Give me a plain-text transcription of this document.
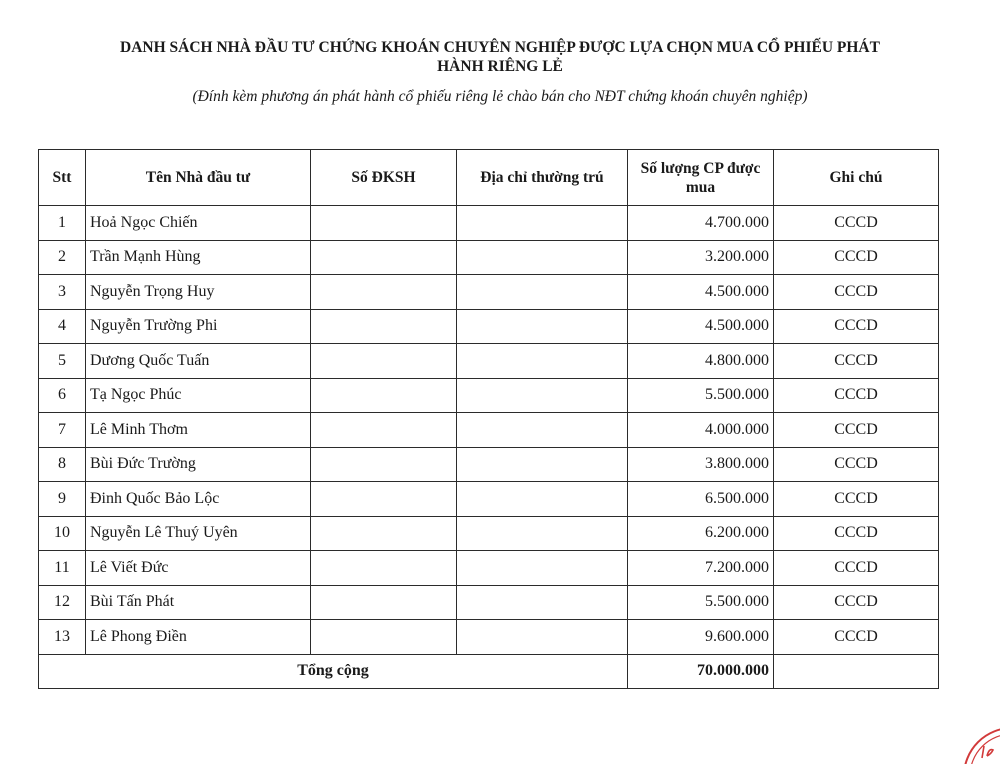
DANH SÁCH NHÀ ĐẦU TƯ CHỨNG KHOÁN CHUYÊN NGHIỆP ĐƯỢC LỰA CHỌN MUA CỔ PHIẾU PHÁT
HÀNH RIÊNG LẺ
(Đính kèm phương án phát hành cổ phiếu riêng lẻ chào bán cho NĐT chứng khoán chuyên nghiệp)
Stt	Tên Nhà đầu tư	Số ĐKSH	Địa chỉ thường trú	Số lượng CP được mua	Ghi chú
1	Hoả Ngọc Chiến			4.700.000	CCCD
2	Trần Mạnh Hùng			3.200.000	CCCD
3	Nguyễn Trọng Huy			4.500.000	CCCD
4	Nguyễn Trường Phi			4.500.000	CCCD
5	Dương Quốc Tuấn			4.800.000	CCCD
6	Tạ Ngọc Phúc			5.500.000	CCCD
7	Lê Minh Thơm			4.000.000	CCCD
8	Bùi Đức Trường			3.800.000	CCCD
9	Đinh Quốc Bảo Lộc			6.500.000	CCCD
10	Nguyễn Lê Thuý Uyên			6.200.000	CCCD
11	Lê Viết Đức			7.200.000	CCCD
12	Bùi Tấn Phát			5.500.000	CCCD
13	Lê Phong Điền			9.600.000	CCCD
Tổng cộng				70.000.000	
